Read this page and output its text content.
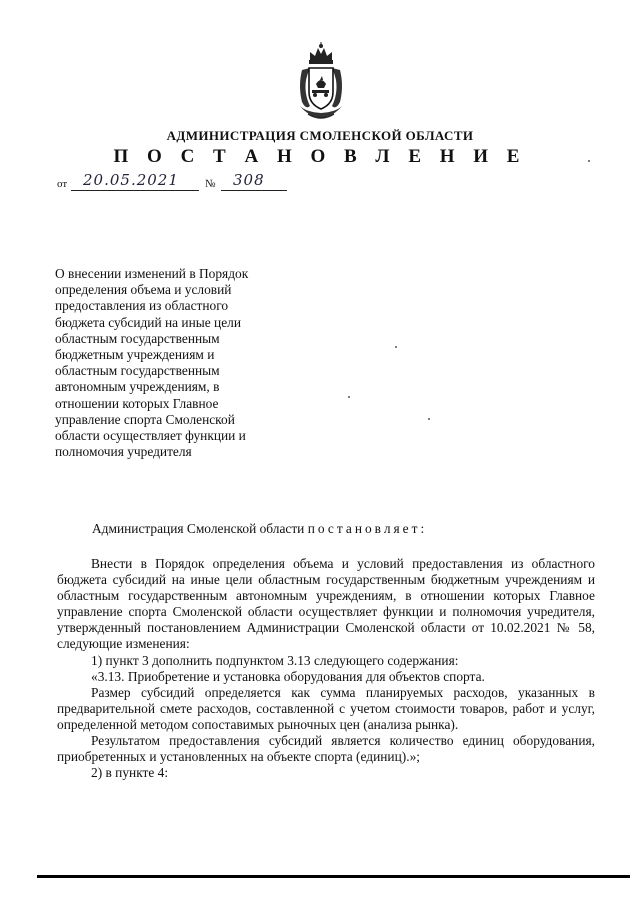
АДМИНИСТРАЦИЯ СМОЛЕНСКОЙ ОБЛАСТИ
П О С Т А Н О В Л Е Н И Е
от 20.05.2021 № 308
О внесении изменений в Порядок
определения объема и условий
предоставления из областного
бюджета субсидий на иные цели
областным государственным
бюджетным учреждениям и
областным государственным
автономным учреждениям, в
отношении которых Главное
управление спорта Смоленской
области осуществляет функции и
полномочия учредителя
Администрация Смоленской области постановляет:

Внести в Порядок определения объема и условий предоставления из областного бюджета субсидий на иные цели областным государственным бюджетным учреждениям и областным государственным автономным учреждениям, в отношении которых Главное управление спорта Смоленской области осуществляет функции и полномочия учредителя, утвержденный постановлением Администрации Смоленской области от 10.02.2021 № 58, следующие изменения:

1) пункт 3 дополнить подпунктом 3.13 следующего содержания:

«3.13. Приобретение и установка оборудования для объектов спорта.

Размер субсидий определяется как сумма планируемых расходов, указанных в предварительной смете расходов, составленной с учетом стоимости товаров, работ и услуг, определенной методом сопоставимых рыночных цен (анализа рынка).

Результатом предоставления субсидий является количество единиц оборудования, приобретенных и установленных на объекте спорта (единиц).»;

2) в пункте 4:
